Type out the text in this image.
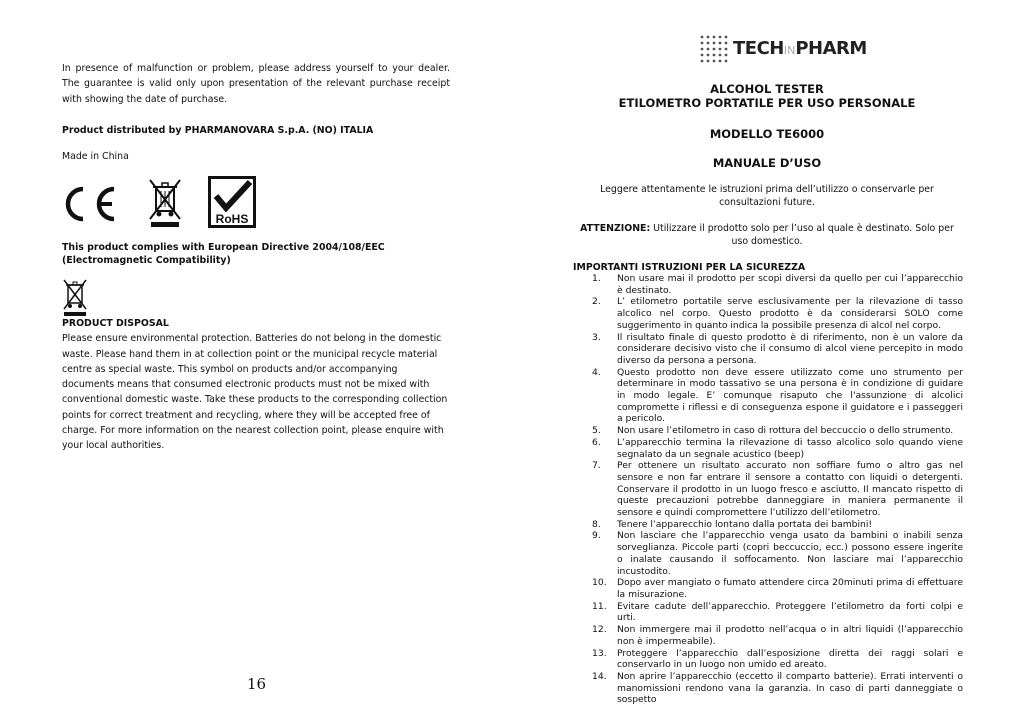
In presence of malfunction or problem, please address yourself to your dealer. The guarantee is valid only upon presentation of the relevant purchase receipt with showing the date of purchase.
Product distributed by PHARMANOVARA S.p.A. (NO) ITALIA
Made in China
RoHS
This product complies with European Directive 2004/108/EEC
(Electromagnetic Compatibility)
PRODUCT DISPOSAL
Please ensure environmental protection. Batteries do not belong in the domestic waste. Please hand them in at collection point or the municipal recycle material centre as special waste. This symbol on products and/or accompanying documents means that consumed electronic products must not be mixed with conventional domestic waste. Take these products to the corresponding collection points for correct treatment and recycling, where they will be accepted free of charge. For more information on the nearest collection point, please enquire with your local authorities.
16
TECHINPHARM
ALCOHOL TESTER
ETILOMETRO PORTATILE PER USO PERSONALE
MODELLO TE6000
MANUALE D’USO
Leggere attentamente le istruzioni prima dell’utilizzo o conservarle per consultazioni future.
ATTENZIONE: Utilizzare il prodotto solo per l’uso al quale è destinato. Solo per uso domestico.
IMPORTANTI ISTRUZIONI PER LA SICUREZZA
1.	Non usare mai il prodotto per scopi diversi da quello per cui l’apparecchio è destinato.
2.	L’ etilometro portatile serve esclusivamente per la rilevazione di tasso alcolico nel corpo. Questo prodotto è da considerarsi SOLO come suggerimento in quanto indica la possibile presenza di alcol nel corpo.
3.	Il risultato finale di questo prodotto è di riferimento, non è un valore da considerare decisivo visto che il consumo di alcol viene percepito in modo diverso da persona a persona.
4.	Questo prodotto non deve essere utilizzato come uno strumento per determinare in modo tassativo se una persona è in condizione di guidare in modo legale. E’ comunque risaputo che l'assunzione di alcolici compromette i riflessi e di conseguenza espone il guidatore e i passeggeri a pericolo.
5.	Non usare l’etilometro in caso di rottura del beccuccio o dello strumento.
6.	L’apparecchio termina la rilevazione di tasso alcolico solo quando viene segnalato da un segnale acustico (beep)
7.	Per ottenere un risultato accurato non soffiare fumo o altro gas nel sensore e non far entrare il sensore a contatto con liquidi o detergenti. Conservare il prodotto in un luogo fresco e asciutto. Il mancato rispetto di queste precauzioni potrebbe danneggiare in maniera permanente il sensore e quindi compromettere l’utilizzo dell’etilometro.
8.	Tenere l’apparecchio lontano dalla portata dei bambini!
9.	Non lasciare che l’apparecchio venga usato da bambini o inabili senza sorveglianza. Piccole parti (copri beccuccio, ecc.) possono essere ingerite o inalate causando il soffocamento. Non lasciare mai l’apparecchio incustodito.
10.	Dopo aver mangiato o fumato attendere circa 20minuti prima di effettuare la misurazione.
11.	Evitare cadute dell’apparecchio. Proteggere l’etilometro da forti colpi e urti.
12.	Non immergere mai il prodotto nell’acqua o in altri liquidi (l’apparecchio non è impermeabile).
13.	Proteggere l’apparecchio dall’esposizione diretta dei raggi solari e conservarlo in un luogo non umido ed areato.
14.	Non aprire l’apparecchio (eccetto il comparto batterie). Errati interventi o manomissioni rendono vana la garanzia. In caso di parti danneggiate o sospetto
